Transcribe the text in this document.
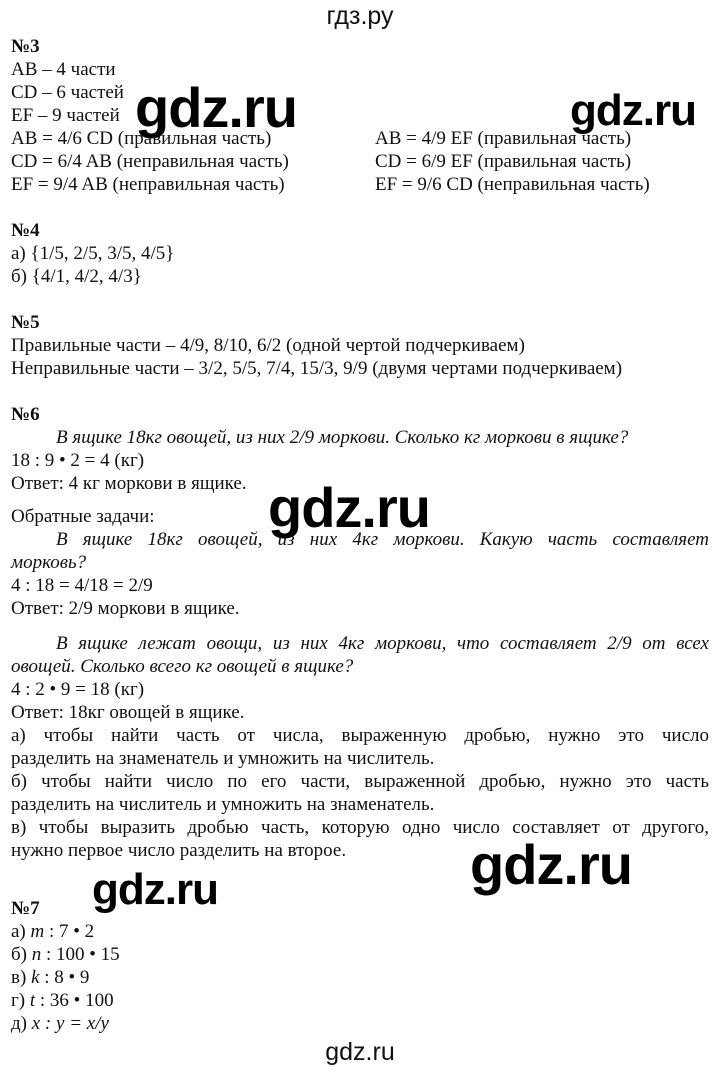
гдз.ру
№3
AB – 4 части
CD – 6 частей
EF – 9 частей
AB = 4/6 CD (правильная часть)
CD = 6/4 AB (неправильная часть)
EF = 9/4 AB (неправильная часть)
AB = 4/9 EF (правильная часть)
CD = 6/9 EF (правильная часть)
EF = 9/6 CD (неправильная часть)
№4
а) {1/5, 2/5, 3/5, 4/5}
б) {4/1, 4/2, 4/3}
№5
Правильные части – 4/9, 8/10, 6/2 (одной чертой подчеркиваем)
Неправильные части – 3/2, 5/5, 7/4, 15/3, 9/9 (двумя чертами подчеркиваем)
№6
В ящике 18кг овощей, из них 2/9 моркови. Сколько кг моркови в ящике?
18 : 9 • 2 = 4 (кг)
Ответ: 4 кг моркови в ящике.
Обратные задачи:
В ящике 18кг овощей, из них 4кг моркови. Какую часть составляет
морковь?
4 : 18 = 4/18 = 2/9
Ответ: 2/9 моркови в ящике.
В ящике лежат овощи, из них 4кг моркови, что составляет 2/9 от всех
овощей. Сколько всего кг овощей в ящике?
4 : 2 • 9 = 18 (кг)
Ответ: 18кг овощей в ящике.
а) чтобы найти часть от числа, выраженную дробью, нужно это число
разделить на знаменатель и умножить на числитель.
б) чтобы найти число по его части, выраженной дробью, нужно это часть
разделить на числитель и умножить на знаменатель.
в) чтобы выразить дробью часть, которую одно число составляет от другого,
нужно первое число разделить на второе.
№7
а) m : 7 • 2
б) n : 100 • 15
в) k : 8 • 9
г) t : 36 • 100
д) x : y = x/y
gdz.ru	gdz.ru
gdz.ru
gdz.ru
gdz.ru
gdz.ru
